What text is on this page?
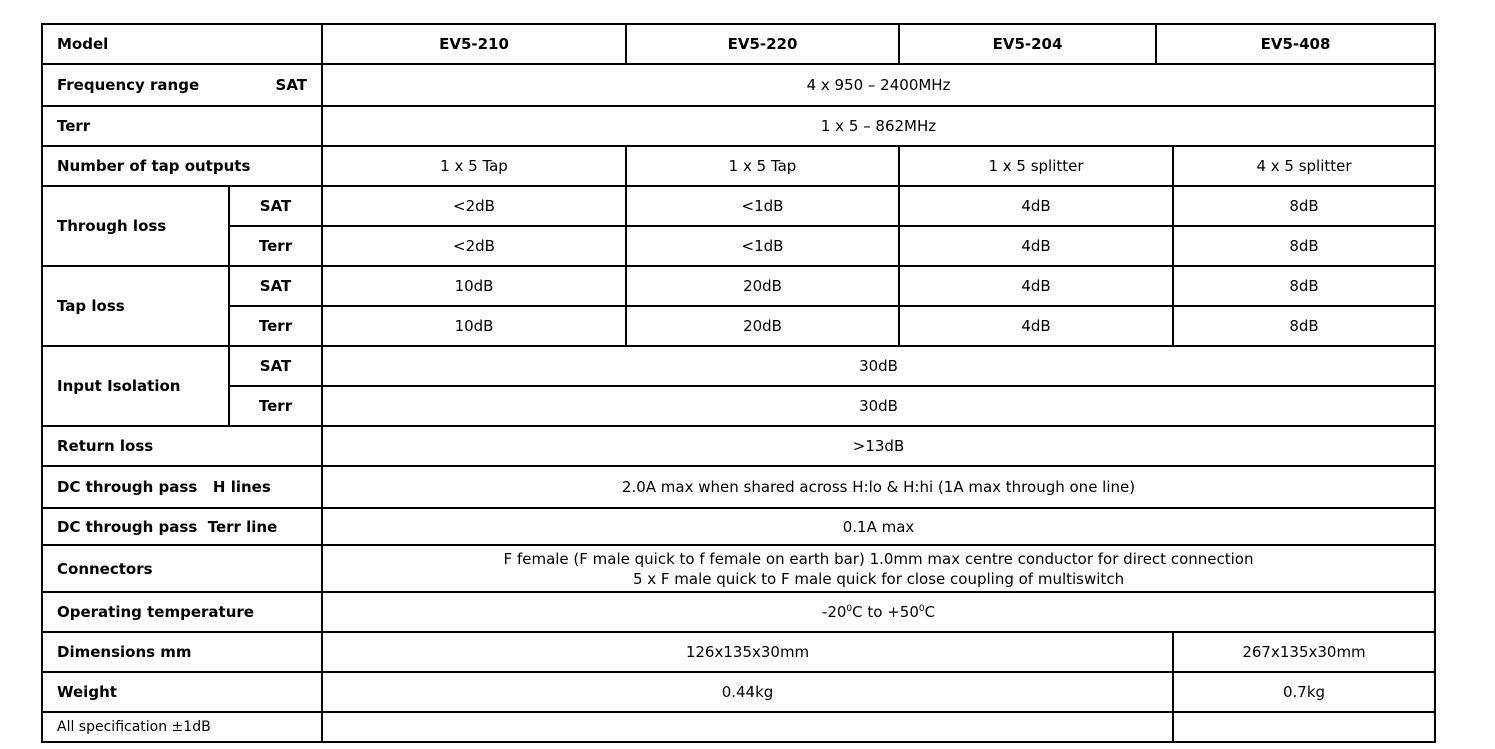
Model		EV5-210	EV5-220	EV5-204	EV5-408	
Frequency range SAT		4 x 950 – 2400MHz				
Terr		1 x 5 – 862MHz				
Number of tap outputs		1 x 5 Tap	1 x 5 Tap	1 x 5 splitter		4 x 5 splitter
Through loss	SAT	<2dB	<1dB	4dB		8dB
	Terr	<2dB	<1dB	4dB		8dB
Tap loss	SAT	10dB	20dB	4dB		8dB
	Terr	10dB	20dB	4dB		8dB
Input Isolation	SAT	30dB				
	Terr	30dB				
Return loss		>13dB				
DC through pass   H lines		2.0A max when shared across H:lo & H:hi (1A max through one line)				
DC through pass  Terr line		0.1A max				
Connectors		F female (F male quick to f female on earth bar) 1.0mm max centre conductor for direct connection
5 x F male quick to F male quick for close coupling of multiswitch				

Operating temperature		$-20^0C$ to $+50^0C$				
Dimensions mm		126x135x30mm				267x135x30mm
Weight		0.44kg				0.7kg
All specification ±1dB						
